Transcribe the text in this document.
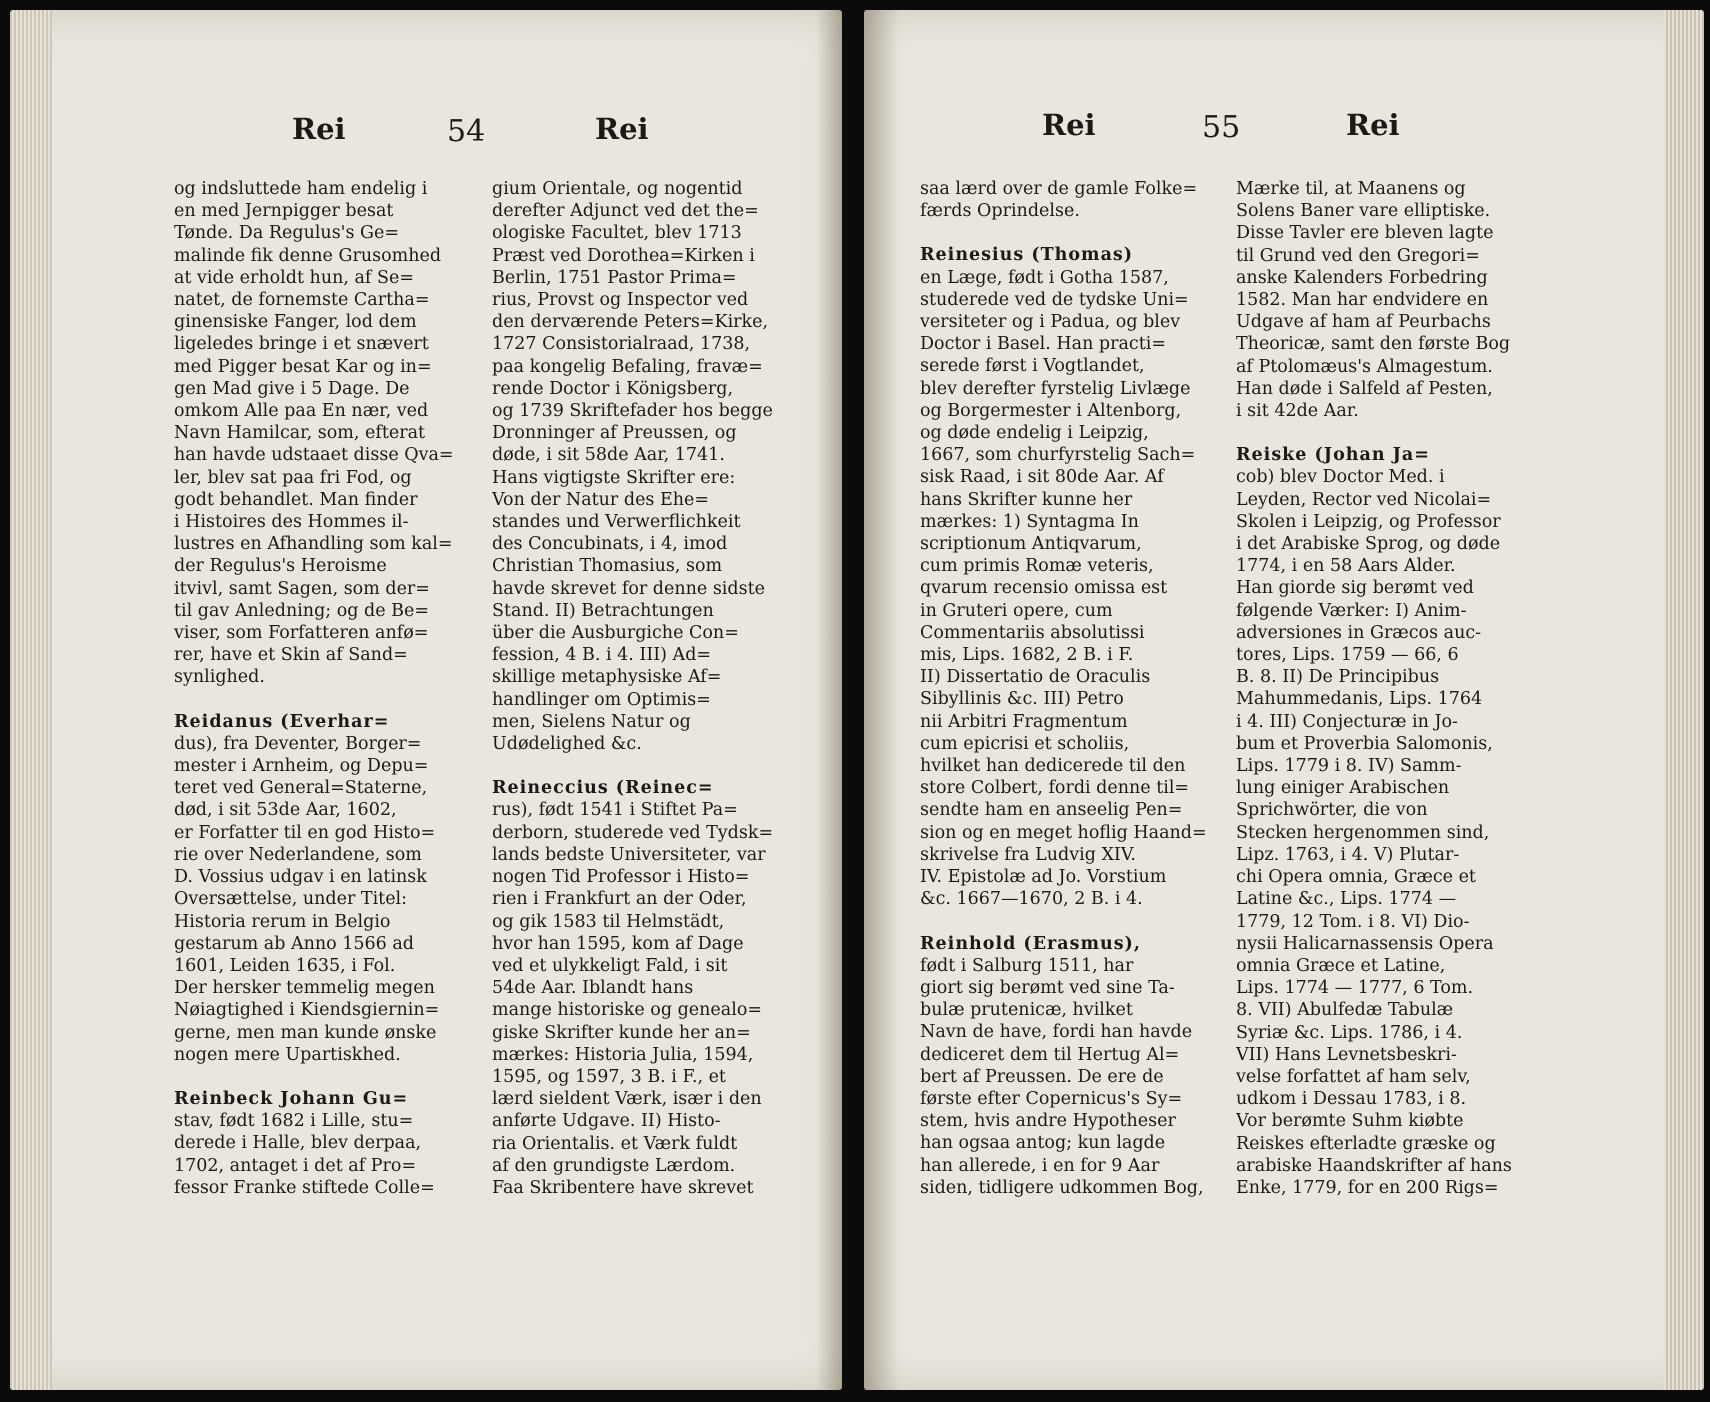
Rei	54	Rei
og indsluttede ham endelig i
en med Jernpigger besat
Tønde. Da Regulus's Ge=
malinde fik denne Grusomhed
at vide erholdt hun, af Se=
natet, de fornemste Cartha=
ginensiske Fanger, lod dem
ligeledes bringe i et snævert
med Pigger besat Kar og in=
gen Mad give i 5 Dage. De
omkom Alle paa En nær, ved
Navn Hamilcar, som, efterat
han havde udstaaet disse Qva=
ler, blev sat paa fri Fod, og
godt behandlet. Man finder
i Histoires des Hommes il-
lustres en Afhandling som kal=
der Regulus's Heroisme
itvivl, samt Sagen, som der=
til gav Anledning; og de Be=
viser, som Forfatteren anfø=
rer, have et Skin af Sand=
synlighed.
Reidanus (Everhar=
dus), fra Deventer, Borger=
mester i Arnheim, og Depu=
teret ved General=Staterne,
død, i sit 53de Aar, 1602,
er Forfatter til en god Histo=
rie over Nederlandene, som
D. Vossius udgav i en latinsk
Oversættelse, under Titel:
Historia rerum in Belgio
gestarum ab Anno 1566 ad
1601, Leiden 1635, i Fol.
Der hersker temmelig megen
Nøiagtighed i Kiendsgiernin=
gerne, men man kunde ønske
nogen mere Upartiskhed.
Reinbeck Johann Gu=
stav, født 1682 i Lille, stu=
derede i Halle, blev derpaa,
1702, antaget i det af Pro=
fessor Franke stiftede Colle=
gium Orientale, og nogentid
derefter Adjunct ved det the=
ologiske Facultet, blev 1713
Præst ved Dorothea=Kirken i
Berlin, 1751 Pastor Prima=
rius, Provst og Inspector ved
den derværende Peters=Kirke,
1727 Consistorialraad, 1738,
paa kongelig Befaling, fravæ=
rende Doctor i Königsberg,
og 1739 Skriftefader hos begge
Dronninger af Preussen, og
døde, i sit 58de Aar, 1741.
Hans vigtigste Skrifter ere:
Von der Natur des Ehe=
standes und Verwerflichkeit
des Concubinats, i 4, imod
Christian Thomasius, som
havde skrevet for denne sidste
Stand. II) Betrachtungen
über die Ausburgiche Con=
fession, 4 B. i 4. III) Ad=
skillige metaphysiske Af=
handlinger om Optimis=
men, Sielens Natur og
Udødelighed &c.
Reineccius (Reinec=
rus), født 1541 i Stiftet Pa=
derborn, studerede ved Tydsk=
lands bedste Universiteter, var
nogen Tid Professor i Histo=
rien i Frankfurt an der Oder,
og gik 1583 til Helmstädt,
hvor han 1595, kom af Dage
ved et ulykkeligt Fald, i sit
54de Aar. Iblandt hans
mange historiske og genealo=
giske Skrifter kunde her an=
mærkes: Historia Julia, 1594,
1595, og 1597, 3 B. i F., et
lærd sieldent Værk, især i den
anførte Udgave. II) Histo-
ria Orientalis. et Værk fuldt
af den grundigste Lærdom.
Faa Skribentere have skrevet
Rei	55	Rei
saa lærd over de gamle Folke=
færds Oprindelse.
Reinesius (Thomas)
en Læge, født i Gotha 1587,
studerede ved de tydske Uni=
versiteter og i Padua, og blev
Doctor i Basel. Han practi=
serede først i Vogtlandet,
blev derefter fyrstelig Livlæge
og Borgermester i Altenborg,
og døde endelig i Leipzig,
1667, som churfyrstelig Sach=
sisk Raad, i sit 80de Aar. Af
hans Skrifter kunne her
mærkes: 1) Syntagma In
scriptionum Antiqvarum,
cum primis Romæ veteris,
qvarum recensio omissa est
in Gruteri opere, cum
Commentariis absolutissi
mis, Lips. 1682, 2 B. i F.
II) Dissertatio de Oraculis
Sibyllinis &c. III) Petro
nii Arbitri Fragmentum
cum epicrisi et scholiis,
hvilket han dedicerede til den
store Colbert, fordi denne til=
sendte ham en anseelig Pen=
sion og en meget hoflig Haand=
skrivelse fra Ludvig XIV.
IV. Epistolæ ad Jo. Vorstium
&c. 1667—1670, 2 B. i 4.
Reinhold (Erasmus),
født i Salburg 1511, har
giort sig berømt ved sine Ta-
bulæ prutenicæ, hvilket
Navn de have, fordi han havde
dediceret dem til Hertug Al=
bert af Preussen. De ere de
første efter Copernicus's Sy=
stem, hvis andre Hypotheser
han ogsaa antog; kun lagde
han allerede, i en for 9 Aar
siden, tidligere udkommen Bog,
Mærke til, at Maanens og
Solens Baner vare elliptiske.
Disse Tavler ere bleven lagte
til Grund ved den Gregori=
anske Kalenders Forbedring
1582. Man har endvidere en
Udgave af ham af Peurbachs
Theoricæ, samt den første Bog
af Ptolomæus's Almagestum.
Han døde i Salfeld af Pesten,
i sit 42de Aar.
Reiske (Johan Ja=
cob) blev Doctor Med. i
Leyden, Rector ved Nicolai=
Skolen i Leipzig, og Professor
i det Arabiske Sprog, og døde
1774, i en 58 Aars Alder.
Han giorde sig berømt ved
følgende Værker: I) Anim-
adversiones in Græcos auc-
tores, Lips. 1759 — 66, 6
B. 8. II) De Principibus
Mahummedanis, Lips. 1764
i 4. III) Conjecturæ in Jo-
bum et Proverbia Salomonis,
Lips. 1779 i 8. IV) Samm-
lung einiger Arabischen
Sprichwörter, die von
Stecken hergenommen sind,
Lipz. 1763, i 4. V) Plutar-
chi Opera omnia, Græce et
Latine &c., Lips. 1774 —
1779, 12 Tom. i 8. VI) Dio-
nysii Halicarnassensis Opera
omnia Græce et Latine,
Lips. 1774 — 1777, 6 Tom.
8. VII) Abulfedæ Tabulæ
Syriæ &c. Lips. 1786, i 4.
VII) Hans Levnetsbeskri-
velse forfattet af ham selv,
udkom i Dessau 1783, i 8.
Vor berømte Suhm kiøbte
Reiskes efterladte græske og
arabiske Haandskrifter af hans
Enke, 1779, for en 200 Rigs=
